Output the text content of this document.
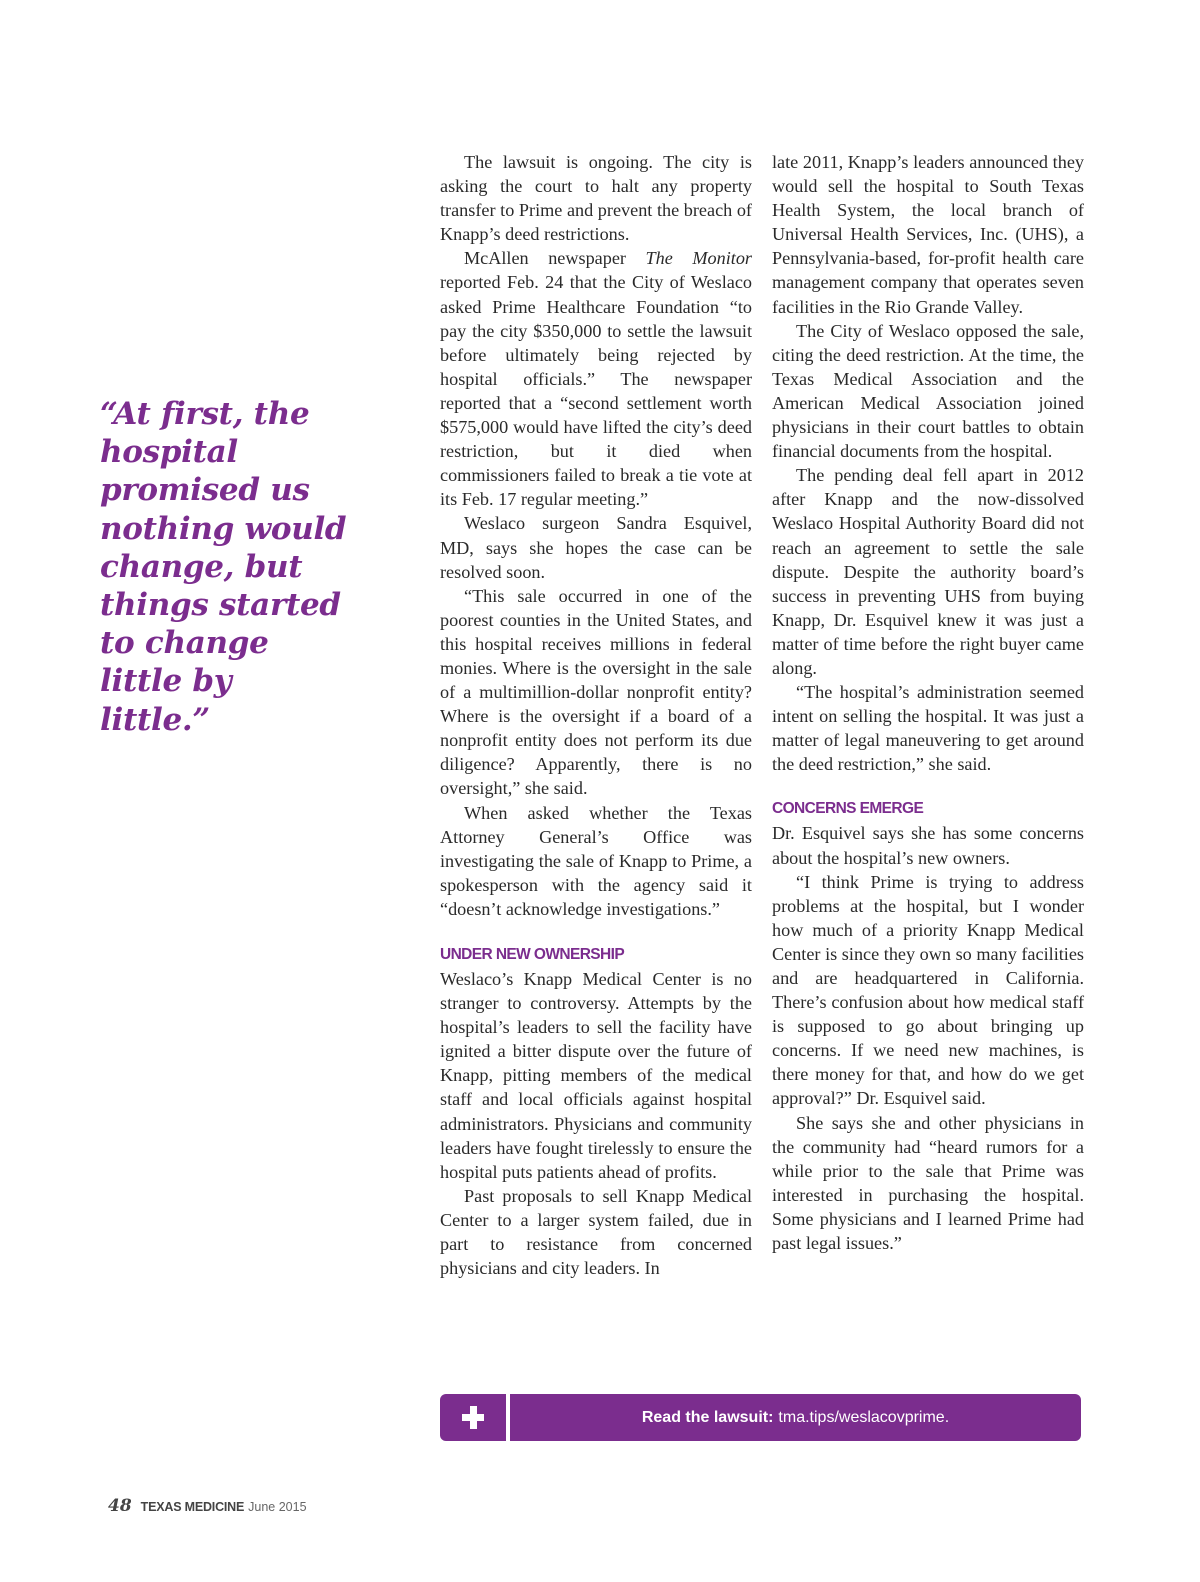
“At first, the hospital promised us nothing would change, but things started to change little by little.”

The lawsuit is ongoing. The city is asking the court to halt any property transfer to Prime and prevent the breach of Knapp’s deed restrictions.

McAllen newspaper The Monitor reported Feb. 24 that the City of Weslaco asked Prime Healthcare Foundation “to pay the city $350,000 to settle the lawsuit before ultimately being rejected by hospital officials.” The newspaper reported that a “second settlement worth $575,000 would have lifted the city’s deed restriction, but it died when commissioners failed to break a tie vote at its Feb. 17 regular meeting.”

Weslaco surgeon Sandra Esquivel, MD, says she hopes the case can be resolved soon.

“This sale occurred in one of the poorest counties in the United States, and this hospital receives millions in federal monies. Where is the oversight in the sale of a multimillion-dollar nonprofit entity? Where is the oversight if a board of a nonprofit entity does not perform its due diligence? Apparently, there is no oversight,” she said.

When asked whether the Texas Attorney General’s Office was investigating the sale of Knapp to Prime, a spokesperson with the agency said it “doesn’t acknowledge investigations.”

UNDER NEW OWNERSHIP

Weslaco’s Knapp Medical Center is no stranger to controversy. Attempts by the hospital’s leaders to sell the facility have ignited a bitter dispute over the future of Knapp, pitting members of the medical staff and local officials against hospital administrators. Physicians and community leaders have fought tirelessly to ensure the hospital puts patients ahead of profits.

Past proposals to sell Knapp Medical Center to a larger system failed, due in part to resistance from concerned physicians and city leaders. In

late 2011, Knapp’s leaders announced they would sell the hospital to South Texas Health System, the local branch of Universal Health Services, Inc. (UHS), a Pennsylvania-based, for-profit health care management company that operates seven facilities in the Rio Grande Valley.

The City of Weslaco opposed the sale, citing the deed restriction. At the time, the Texas Medical Association and the American Medical Association joined physicians in their court battles to obtain financial documents from the hospital.

The pending deal fell apart in 2012 after Knapp and the now-dissolved Weslaco Hospital Authority Board did not reach an agreement to settle the sale dispute. Despite the authority board’s success in preventing UHS from buying Knapp, Dr. Esquivel knew it was just a matter of time before the right buyer came along.

“The hospital’s administration seemed intent on selling the hospital. It was just a matter of legal maneuvering to get around the deed restriction,” she said.

CONCERNS EMERGE

Dr. Esquivel says she has some concerns about the hospital’s new owners.

“I think Prime is trying to address problems at the hospital, but I wonder how much of a priority Knapp Medical Center is since they own so many facilities and are headquartered in California. There’s confusion about how medical staff is supposed to go about bringing up concerns. If we need new machines, is there money for that, and how do we get approval?” Dr. Esquivel said.

She says she and other physicians in the community had “heard rumors for a while prior to the sale that Prime was interested in purchasing the hospital. Some physicians and I learned Prime had past legal issues.”

Read the lawsuit: tma.tips/weslacovprime.
48 TEXAS MEDICINE June 2015
